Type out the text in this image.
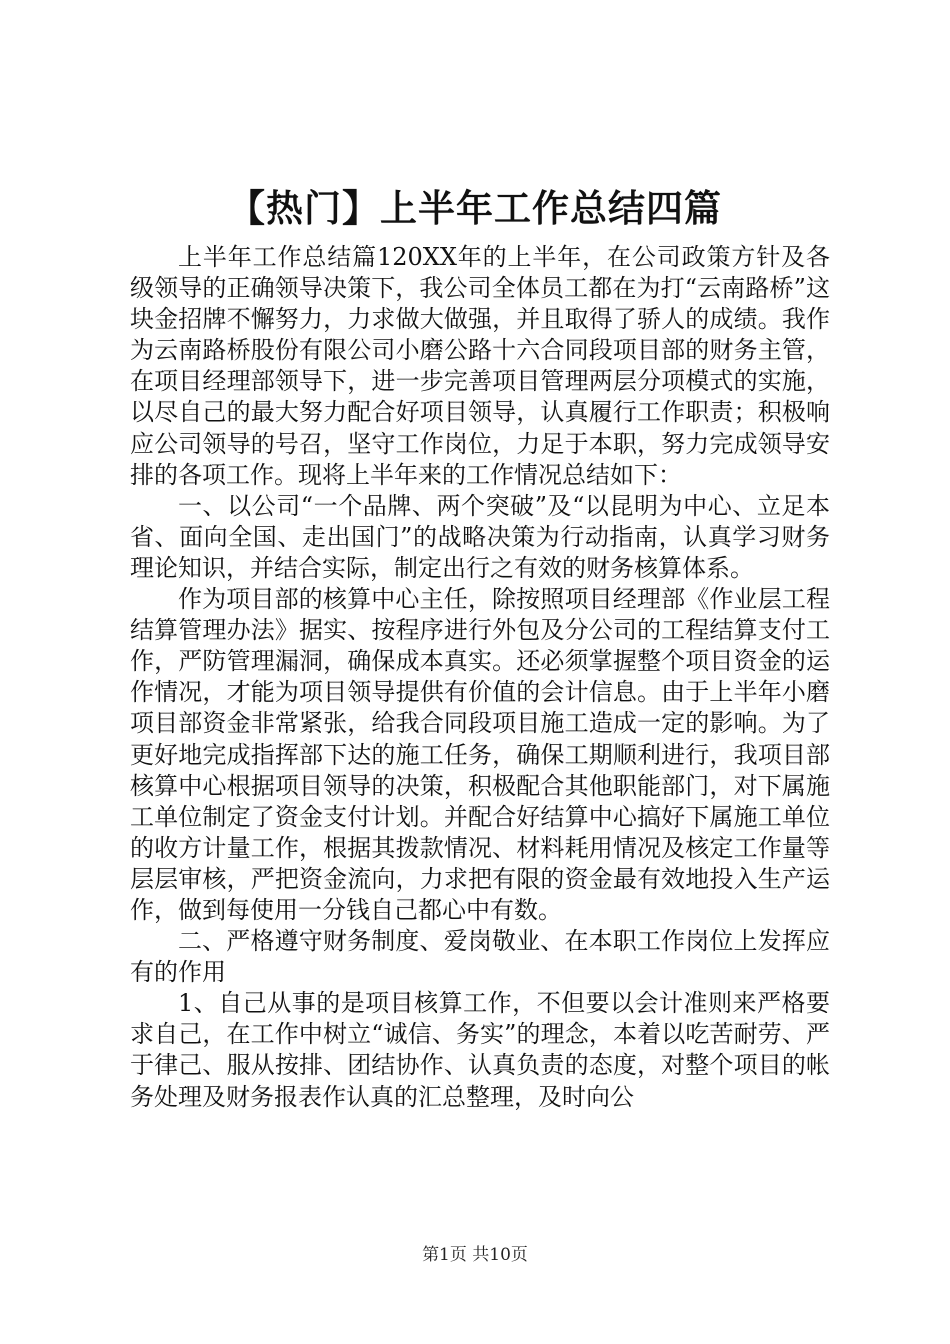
【热门】上半年工作总结四篇

上半年工作总结篇120XX年的上半年，在公司政策方针及各级领导的正确领导决策下，我公司全体员工都在为打“云南路桥”这块金招牌不懈努力，力求做大做强，并且取得了骄人的成绩。我作为云南路桥股份有限公司小磨公路十六合同段项目部的财务主管，在项目经理部领导下，进一步完善项目管理两层分项模式的实施，以尽自己的最大努力配合好项目领导，认真履行工作职责；积极响应公司领导的号召，坚守工作岗位，力足于本职，努力完成领导安排的各项工作。现将上半年来的工作情况总结如下：

一、以公司“一个品牌、两个突破”及“以昆明为中心、立足本省、面向全国、走出国门”的战略决策为行动指南，认真学习财务理论知识，并结合实际，制定出行之有效的财务核算体系。

作为项目部的核算中心主任，除按照项目经理部《作业层工程结算管理办法》据实、按程序进行外包及分公司的工程结算支付工作，严防管理漏洞，确保成本真实。还必须掌握整个项目资金的运作情况，才能为项目领导提供有价值的会计信息。由于上半年小磨项目部资金非常紧张，给我合同段项目施工造成一定的影响。为了更好地完成指挥部下达的施工任务，确保工期顺利进行，我项目部核算中心根据项目领导的决策，积极配合其他职能部门，对下属施工单位制定了资金支付计划。并配合好结算中心搞好下属施工单位的收方计量工作，根据其拨款情况、材料耗用情况及核定工作量等层层审核，严把资金流向，力求把有限的资金最有效地投入生产运作，做到每使用一分钱自己都心中有数。

二、严格遵守财务制度、爱岗敬业、在本职工作岗位上发挥应有的作用

1、自己从事的是项目核算工作，不但要以会计准则来严格要求自己，在工作中树立“诚信、务实”的理念，本着以吃苦耐劳、严于律己、服从按排、团结协作、认真负责的态度，对整个项目的帐务处理及财务报表作认真的汇总整理，及时向公

第1页 共10页
